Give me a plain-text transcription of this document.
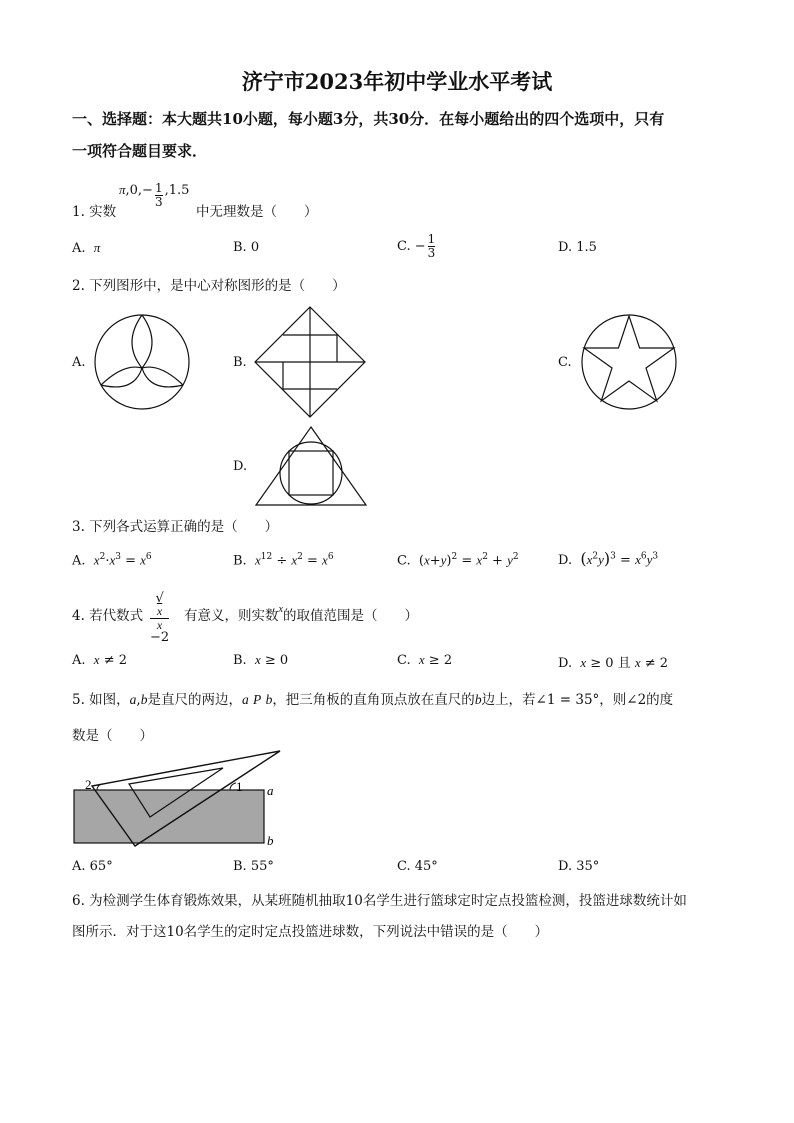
济宁市2023年初中学业水平考试
一、选择题：本大题共10小题，每小题3分，共30分．在每小题给出的四个选项中，只有
一项符合题目要求．
1. 实数
$\pi,0,- \frac{1}{3} ,1.5$
中无理数是（　　）
A.  π	B. 0	C. − $\frac{1}{3}$	D. 1.5
2. 下列图形中，是中心对称图形的是（　　）
A.	B.	C.
D.
3. 下列各式运算正确的是（　　）
A.  $x^2\cdot x^3 = x^6$	B.  $x^{12} \div x^2 = x^6$	C.  $(x+y)^2 = x^2 + y^2$	D.  $(x^2y)^3 = x^6y^3$
4. 若代数式 √
x
x
−2 有意义，则实数$^x$的取值范围是（　　）
A.  x ≠ 2	B.  x ≥ 0	C.  x ≥ 2	D.  x ≥ 0 且 x ≠ 2
5. 如图，a,b是直尺的两边，a P b，把三角板的直角顶点放在直尺的b边上，若∠1 = 35°，则∠2的度
数是（　　）
2	1 a
b
A. 65°	B. 55°	C. 45°	D. 35°
6. 为检测学生体育锻炼效果，从某班随机抽取10名学生进行篮球定时定点投篮检测，投篮进球数统计如
图所示．对于这10名学生的定时定点投篮进球数，下列说法中错误的是（　　）
